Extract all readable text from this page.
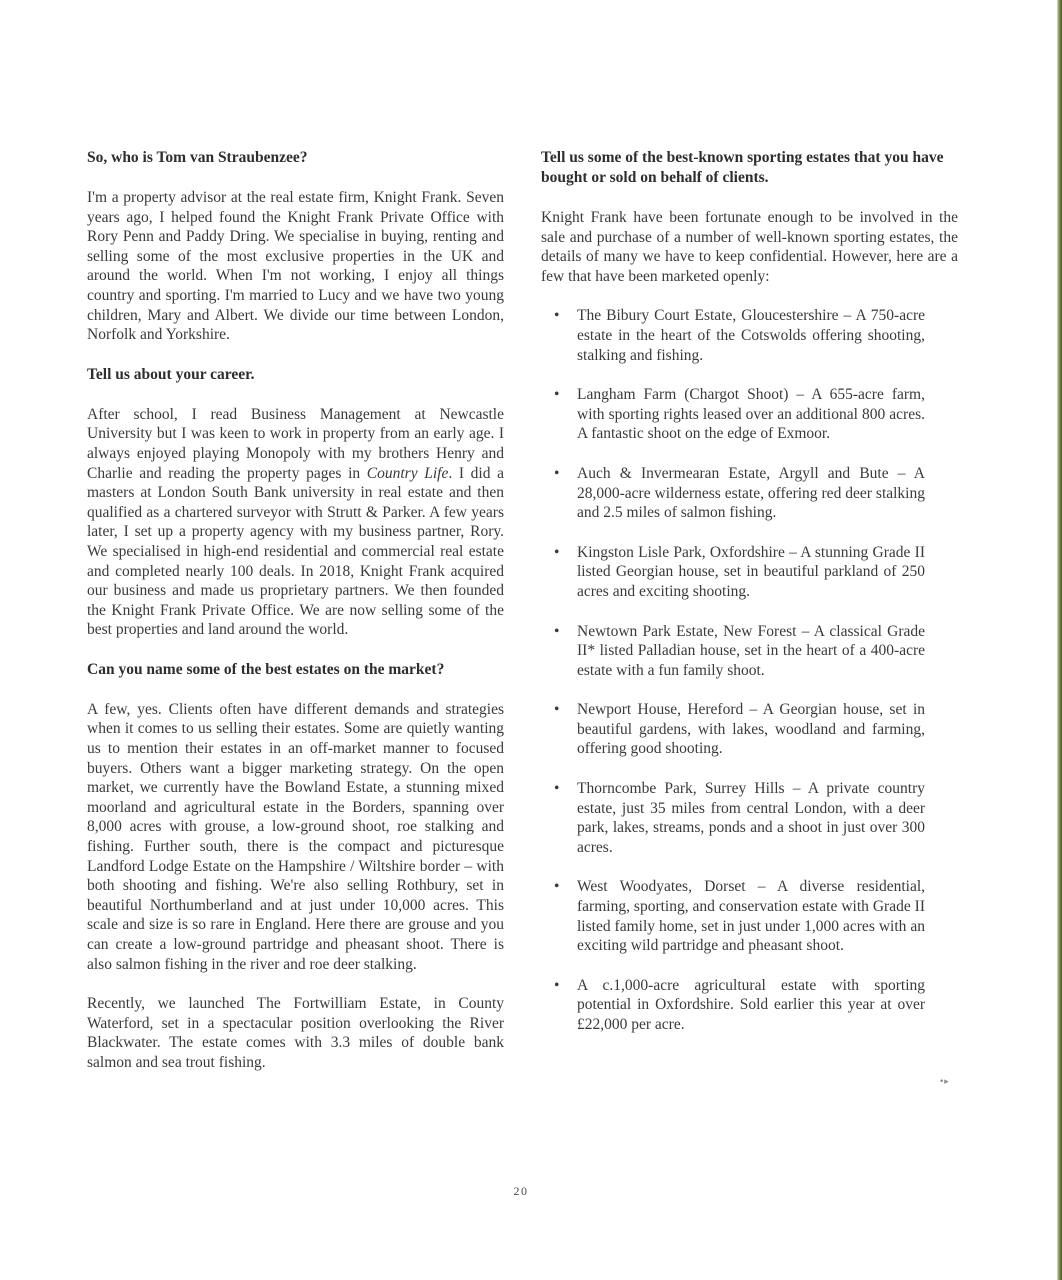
So, who is Tom van Straubenzee?

I'm a property advisor at the real estate firm, Knight Frank. Seven years ago, I helped found the Knight Frank Private Office with Rory Penn and Paddy Dring. We specialise in buying, renting and selling some of the most exclusive properties in the UK and around the world. When I'm not working, I enjoy all things country and sporting. I'm married to Lucy and we have two young children, Mary and Albert. We divide our time between London, Norfolk and Yorkshire.

Tell us about your career.

After school, I read Business Management at Newcastle University but I was keen to work in property from an early age. I always enjoyed playing Monopoly with my brothers Henry and Charlie and reading the property pages in Country Life. I did a masters at London South Bank university in real estate and then qualified as a chartered surveyor with Strutt & Parker. A few years later, I set up a property agency with my business partner, Rory. We specialised in high-end residential and commercial real estate and completed nearly 100 deals. In 2018, Knight Frank acquired our business and made us proprietary partners. We then founded the Knight Frank Private Office. We are now selling some of the best properties and land around the world.

Can you name some of the best estates on the market?

A few, yes. Clients often have different demands and strategies when it comes to us selling their estates. Some are quietly wanting us to mention their estates in an off-market manner to focused buyers. Others want a bigger marketing strategy. On the open market, we currently have the Bowland Estate, a stunning mixed moorland and agricultural estate in the Borders, spanning over 8,000 acres with grouse, a low-ground shoot, roe stalking and fishing. Further south, there is the compact and picturesque Landford Lodge Estate on the Hampshire / Wiltshire border – with both shooting and fishing. We're also selling Rothbury, set in beautiful Northumberland and at just under 10,000 acres. This scale and size is so rare in England. Here there are grouse and you can create a low-ground partridge and pheasant shoot. There is also salmon fishing in the river and roe deer stalking.

Recently, we launched The Fortwilliam Estate, in County Waterford, set in a spectacular position overlooking the River Blackwater. The estate comes with 3.3 miles of double bank salmon and sea trout fishing.

Tell us some of the best-known sporting estates that you have bought or sold on behalf of clients.

Knight Frank have been fortunate enough to be involved in the sale and purchase of a number of well-known sporting estates, the details of many we have to keep confidential. However, here are a few that have been marketed openly:

• The Bibury Court Estate, Gloucestershire – A 750-acre estate in the heart of the Cotswolds offering shooting, stalking and fishing.
• Langham Farm (Chargot Shoot) – A 655-acre farm, with sporting rights leased over an additional 800 acres. A fantastic shoot on the edge of Exmoor.
• Auch & Invermearan Estate, Argyll and Bute – A 28,000-acre wilderness estate, offering red deer stalking and 2.5 miles of salmon fishing.
• Kingston Lisle Park, Oxfordshire – A stunning Grade II listed Georgian house, set in beautiful parkland of 250 acres and exciting shooting.
• Newtown Park Estate, New Forest – A classical Grade II* listed Palladian house, set in the heart of a 400-acre estate with a fun family shoot.
• Newport House, Hereford – A Georgian house, set in beautiful gardens, with lakes, woodland and farming, offering good shooting.
• Thorncombe Park, Surrey Hills – A private country estate, just 35 miles from central London, with a deer park, lakes, streams, ponds and a shoot in just over 300 acres.
• West Woodyates, Dorset – A diverse residential, farming, sporting, and conservation estate with Grade II listed family home, set in just under 1,000 acres with an exciting wild partridge and pheasant shoot.
• A c.1,000-acre agricultural estate with sporting potential in Oxfordshire. Sold earlier this year at over £22,000 per acre.
•▸
20
